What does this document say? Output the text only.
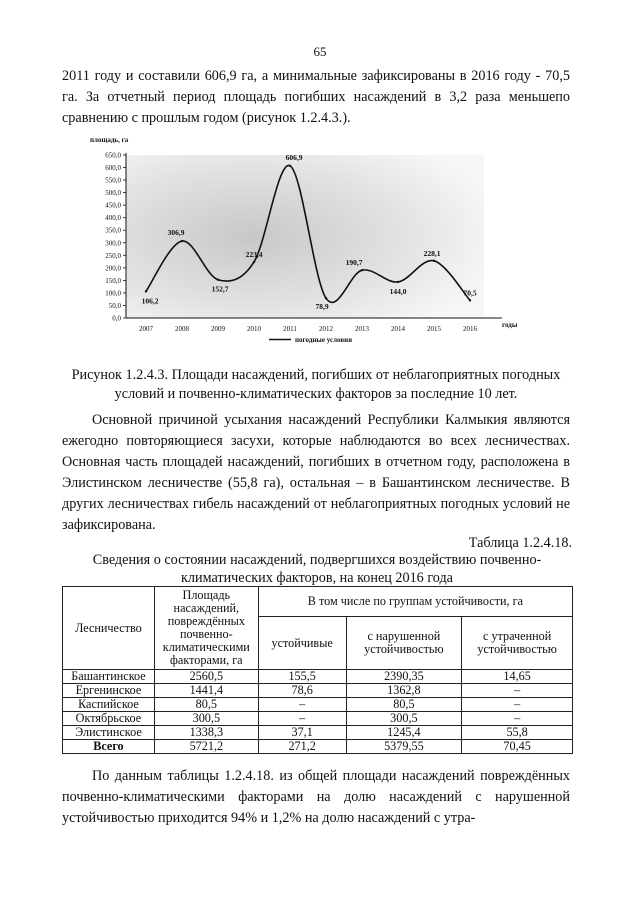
65

2011 году и составили 606,9 га, а минимальные зафиксированы в 2016 году - 70,5 га. За отчетный период площадь погибших насаждений в 3,2 раза меньшепо сравнению с прошлым годом (рисунок 1.2.4.3.).

площадь, га
0,0
50,0
100,0
150,0
200,0
250,0
300,0
350,0
400,0
450,0
500,0
550,0
600,0
650,0
2007	2008	2009	2010	2011	2012	2013	2014	2015	2016	годы
106,2
306,9
152,7
223,4
606,9
78,9
190,7
144,0
228,1
70,5
погодные условия

Рисунок 1.2.4.3. Площади насаждений, погибших от неблагоприятных погодных условий и почвенно-климатических факторов за последние 10 лет.

Основной причиной усыхания насаждений Республики Калмыкия являются ежегодно повторяющиеся засухи, которые наблюдаются во всех лесничествах. Основная часть площадей насаждений, погибших в отчетном году, расположена в Элистинском лесничестве (55,8 га), остальная – в Башантинском лесничестве. В других лесничествах гибель насаждений от неблагоприятных погодных условий не зафиксирована.

Таблица 1.2.4.18.
Сведения о состоянии насаждений, подвергшихся воздействию почвенно-климатических факторов, на конец 2016 года
Лесничество	Площадь насаждений, повреждённых почвенно-климатическими факторами, га	В том числе по группам устойчивости, га		
		устойчивые	с нарушенной устойчивостью	с утраченной устойчивостью
Башантинское	2560,5	155,5	2390,35	14,65
Ергенинское	1441,4	78,6	1362,8	–
Каспийское	80,5	–	80,5	–
Октябрьское	300,5	–	300,5	–
Элистинское	1338,3	37,1	1245,4	55,8
Всего	5721,2	271,2	5379,55	70,45

По данным таблицы 1.2.4.18. из общей площади насаждений повреждённых почвенно-климатическими факторами на долю насаждений с нарушенной устойчивостью приходится 94% и 1,2% на долю насаждений с утра-
